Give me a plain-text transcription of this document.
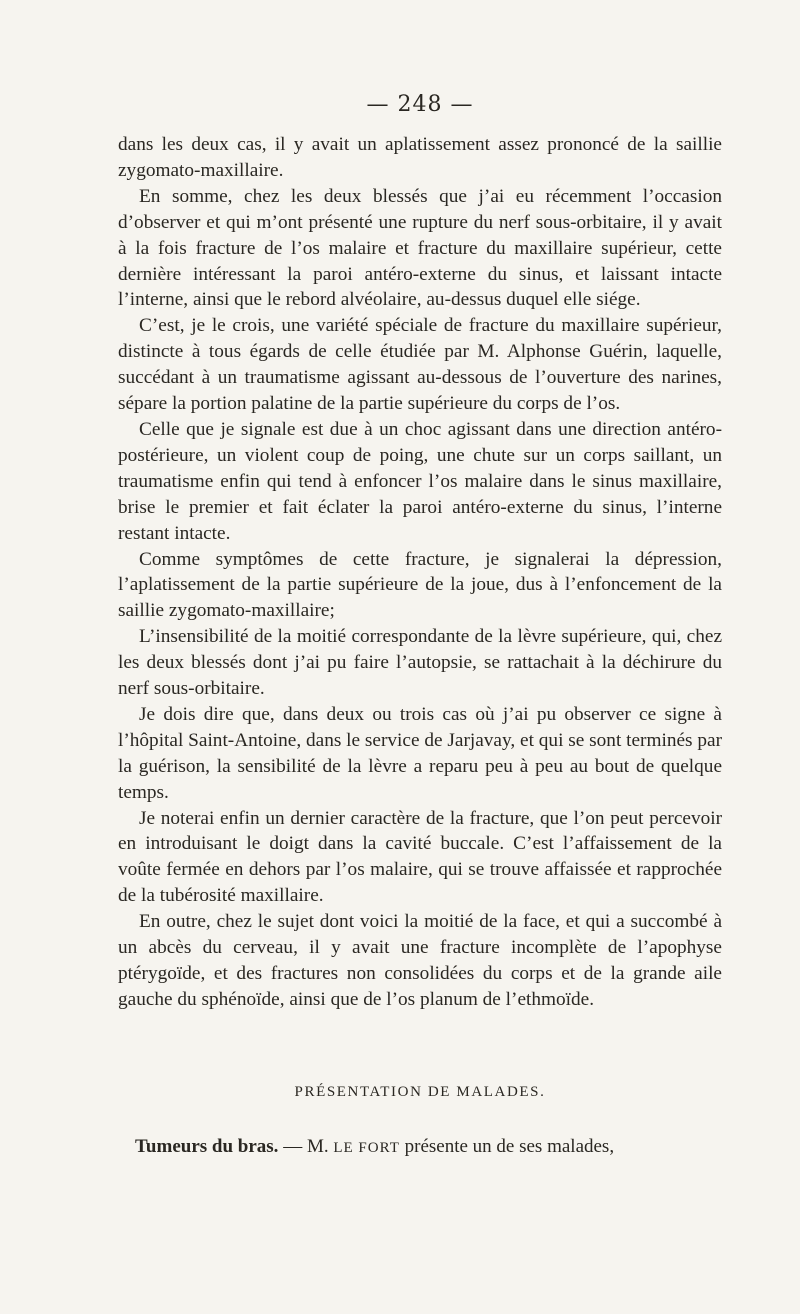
— 248 —

dans les deux cas, il y avait un aplatissement assez prononcé de la saillie zygomato-maxillaire.

En somme, chez les deux blessés que j’ai eu récemment l’occasion d’observer et qui m’ont présenté une rupture du nerf sous-orbitaire, il y avait à la fois fracture de l’os malaire et fracture du maxillaire supérieur, cette dernière intéressant la paroi antéro-externe du sinus, et laissant intacte l’interne, ainsi que le rebord alvéolaire, au-dessus duquel elle siége.

C’est, je le crois, une variété spéciale de fracture du maxillaire supérieur, distincte à tous égards de celle étudiée par M. Alphonse Guérin, laquelle, succédant à un traumatisme agissant au-dessous de l’ouverture des narines, sépare la portion palatine de la partie supérieure du corps de l’os.

Celle que je signale est due à un choc agissant dans une direction antéro-postérieure, un violent coup de poing, une chute sur un corps saillant, un traumatisme enfin qui tend à enfoncer l’os malaire dans le sinus maxillaire, brise le premier et fait éclater la paroi antéro-externe du sinus, l’interne restant intacte.

Comme symptômes de cette fracture, je signalerai la dépression, l’aplatissement de la partie supérieure de la joue, dus à l’enfoncement de la saillie zygomato-maxillaire;

L’insensibilité de la moitié correspondante de la lèvre supérieure, qui, chez les deux blessés dont j’ai pu faire l’autopsie, se rattachait à la déchirure du nerf sous-orbitaire.

Je dois dire que, dans deux ou trois cas où j’ai pu observer ce signe à l’hôpital Saint-Antoine, dans le service de Jarjavay, et qui se sont terminés par la guérison, la sensibilité de la lèvre a reparu peu à peu au bout de quelque temps.

Je noterai enfin un dernier caractère de la fracture, que l’on peut percevoir en introduisant le doigt dans la cavité buccale. C’est l’affaissement de la voûte fermée en dehors par l’os malaire, qui se trouve affaissée et rapprochée de la tubérosité maxillaire.

En outre, chez le sujet dont voici la moitié de la face, et qui a succombé à un abcès du cerveau, il y avait une fracture incomplète de l’apophyse ptérygoïde, et des fractures non consolidées du corps et de la grande aile gauche du sphénoïde, ainsi que de l’os planum de l’ethmoïde.

PRÉSENTATION DE MALADES.
Tumeurs du bras. — M. LE FORT présente un de ses malades,
